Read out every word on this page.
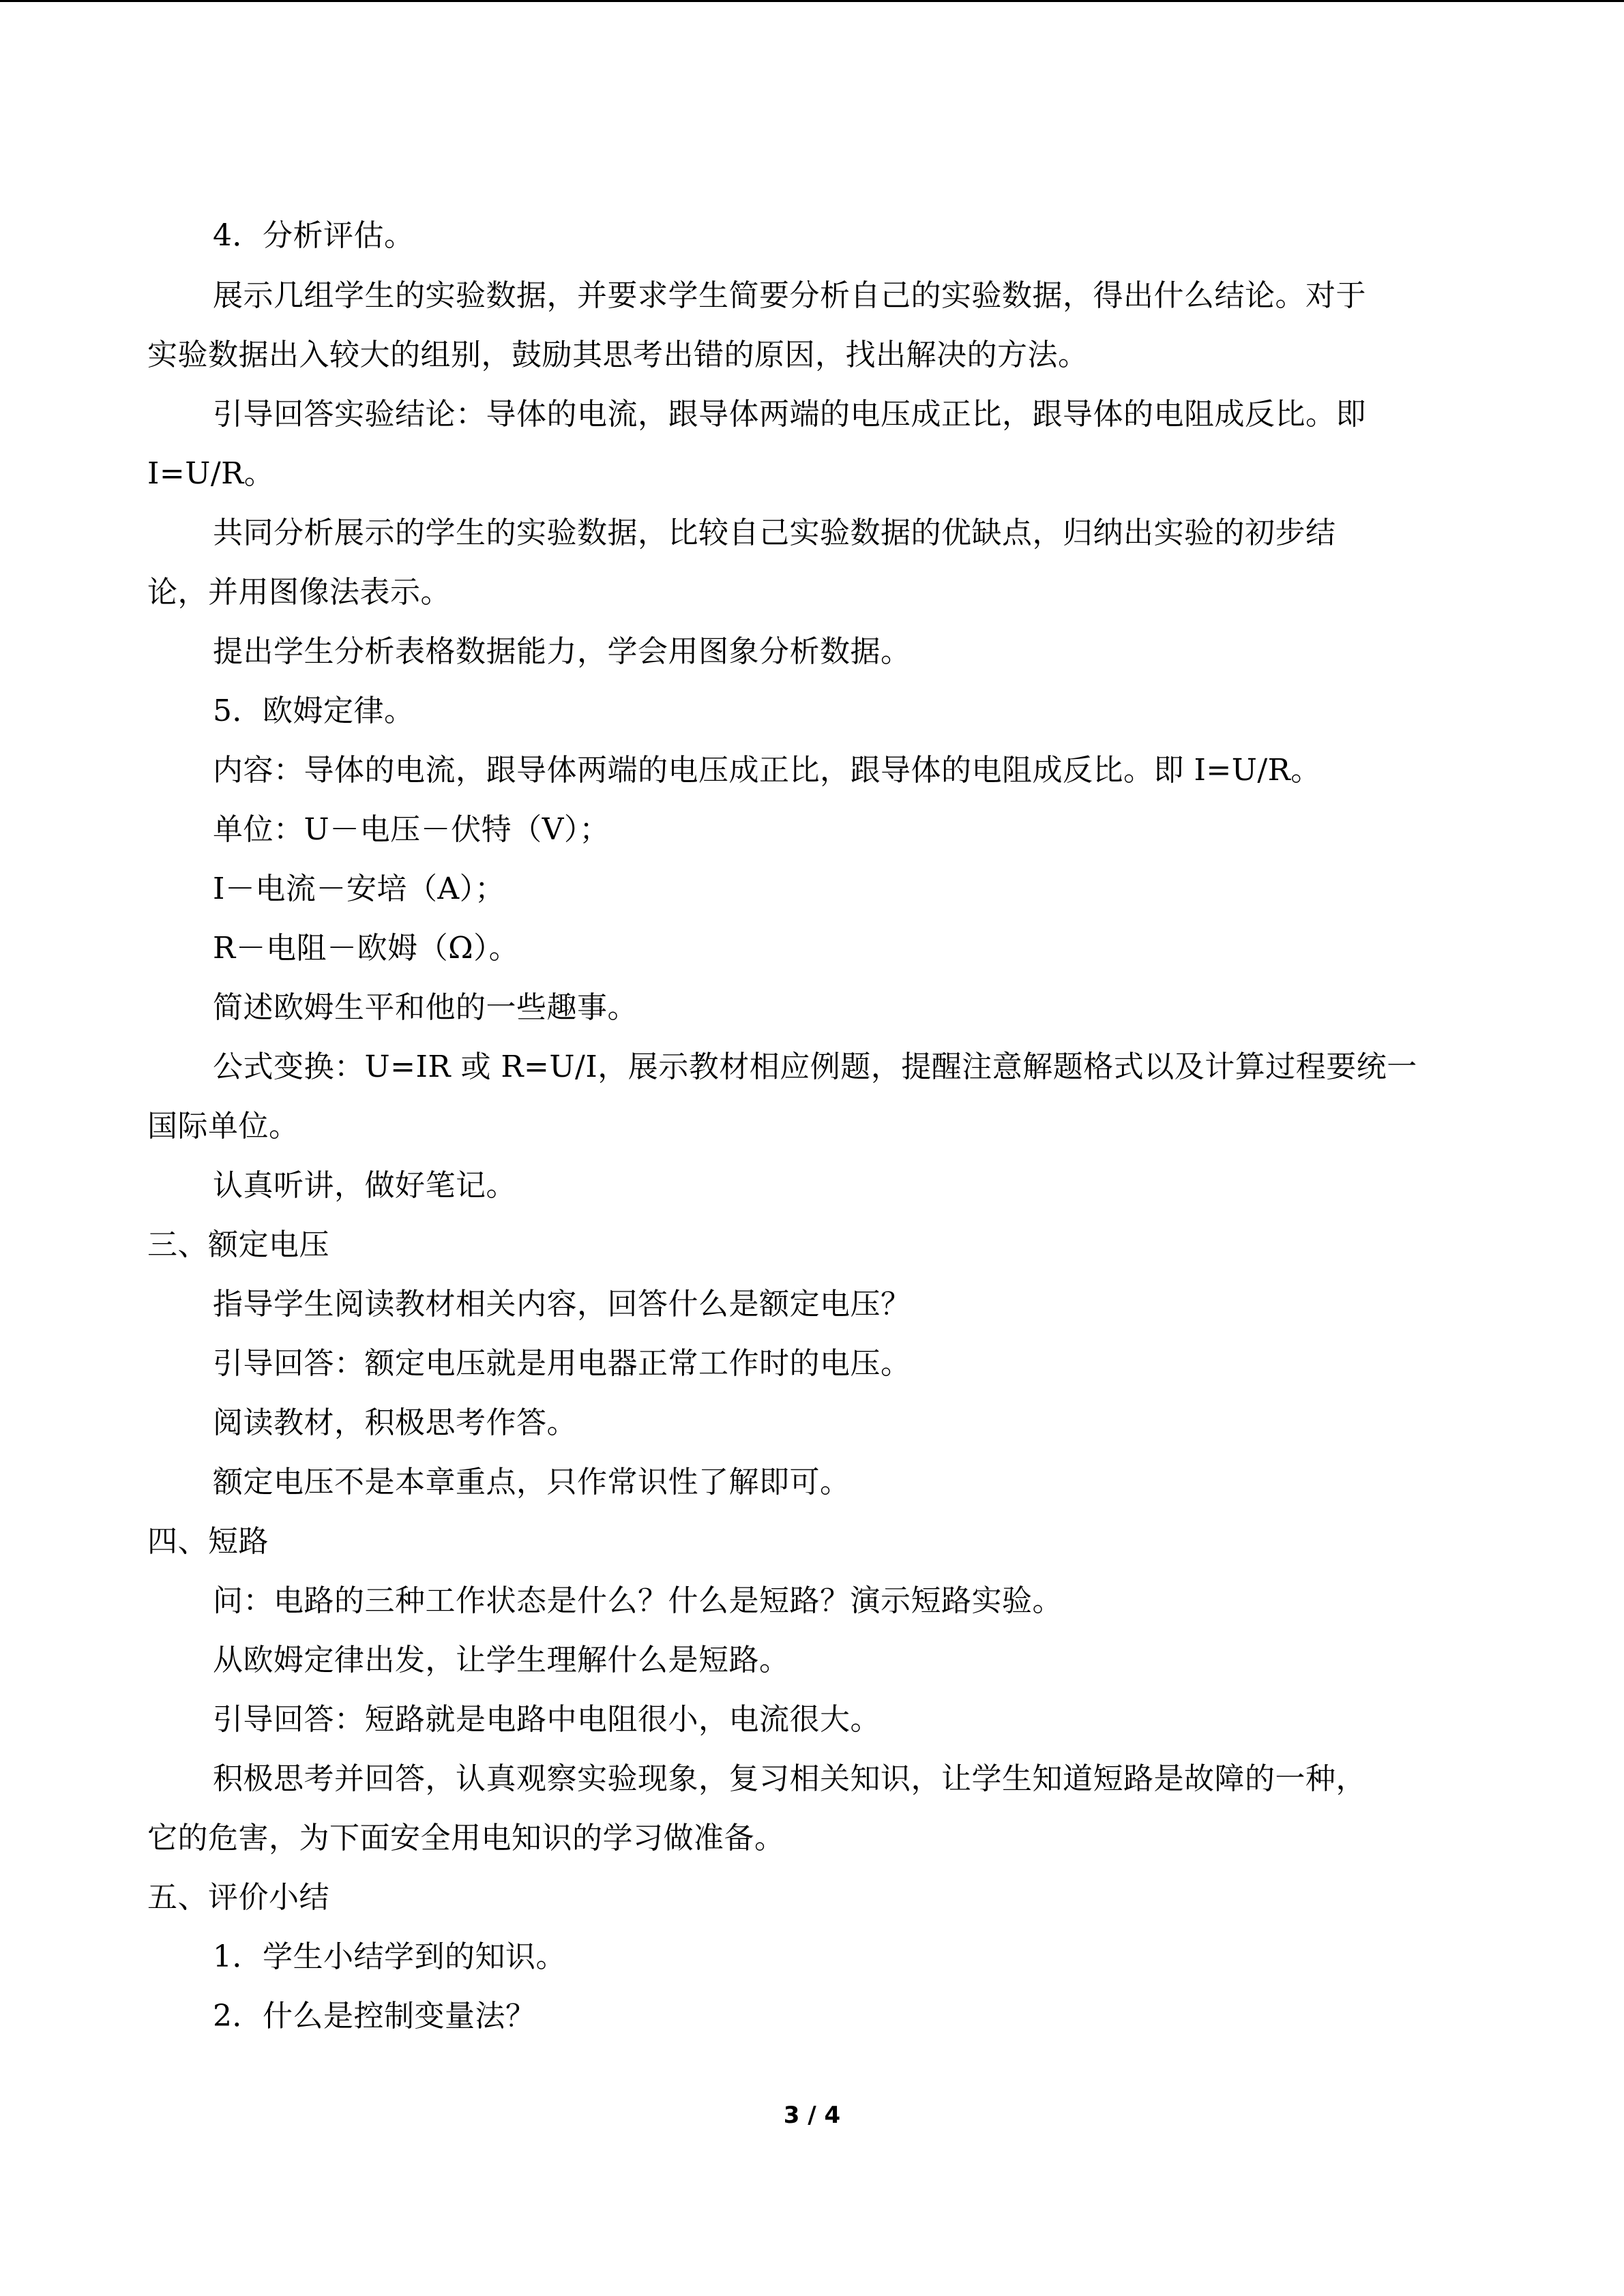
4．分析评估。
展示几组学生的实验数据，并要求学生简要分析自己的实验数据，得出什么结论。对于
实验数据出入较大的组别，鼓励其思考出错的原因，找出解决的方法。
引导回答实验结论：导体的电流，跟导体两端的电压成正比，跟导体的电阻成反比。即
I=U/R。
共同分析展示的学生的实验数据，比较自己实验数据的优缺点，归纳出实验的初步结
论，并用图像法表示。
提出学生分析表格数据能力，学会用图象分析数据。
5．欧姆定律。
内容：导体的电流，跟导体两端的电压成正比，跟导体的电阻成反比。即 I=U/R。
单位：U－电压－伏特（V）；
I－电流－安培（A）；
R－电阻－欧姆（Ω）。
简述欧姆生平和他的一些趣事。
公式变换：U=IR 或 R=U/I，展示教材相应例题，提醒注意解题格式以及计算过程要统一
国际单位。
认真听讲，做好笔记。
三、额定电压
指导学生阅读教材相关内容，回答什么是额定电压？
引导回答：额定电压就是用电器正常工作时的电压。
阅读教材，积极思考作答。
额定电压不是本章重点，只作常识性了解即可。
四、短路
问：电路的三种工作状态是什么？什么是短路？演示短路实验。
从欧姆定律出发，让学生理解什么是短路。
引导回答：短路就是电路中电阻很小，电流很大。
积极思考并回答，认真观察实验现象，复习相关知识，让学生知道短路是故障的一种，
它的危害，为下面安全用电知识的学习做准备。
五、评价小结
1．学生小结学到的知识。
2．什么是控制变量法？
3 / 4
